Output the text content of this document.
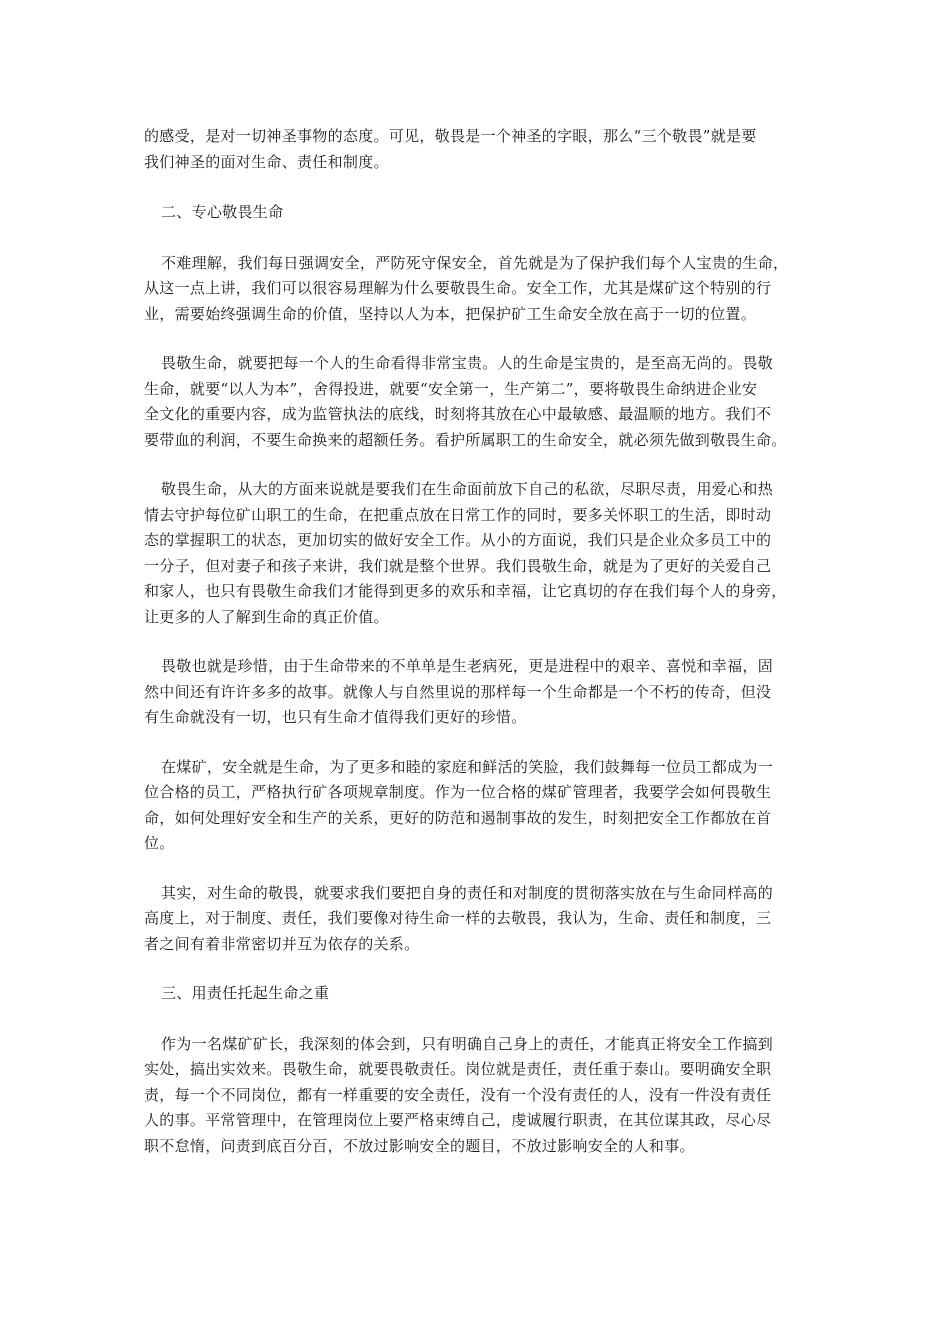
的感受，是对一切神圣事物的态度。可见，敬畏是一个神圣的字眼，那么“三个敬畏”就是要
我们神圣的面对生命、责任和制度。

二、专心敬畏生命

不难理解，我们每日强调安全，严防死守保安全，首先就是为了保护我们每个人宝贵的生命，
从这一点上讲，我们可以很容易理解为什么要敬畏生命。安全工作，尤其是煤矿这个特别的行
业，需要始终强调生命的价值，坚持以人为本，把保护矿工生命安全放在高于一切的位置。

畏敬生命，就要把每一个人的生命看得非常宝贵。人的生命是宝贵的，是至高无尚的。畏敬
生命，就要“以人为本”，舍得投进，就要“安全第一，生产第二”，要将敬畏生命纳进企业安
全文化的重要内容，成为监管执法的底线，时刻将其放在心中最敏感、最温顺的地方。我们不
要带血的利润，不要生命换来的超额任务。看护所属职工的生命安全，就必须先做到敬畏生命。

敬畏生命，从大的方面来说就是要我们在生命面前放下自己的私欲，尽职尽责，用爱心和热
情去守护每位矿山职工的生命，在把重点放在日常工作的同时，要多关怀职工的生活，即时动
态的掌握职工的状态，更加切实的做好安全工作。从小的方面说，我们只是企业众多员工中的
一分子，但对妻子和孩子来讲，我们就是整个世界。我们畏敬生命，就是为了更好的关爱自己
和家人，也只有畏敬生命我们才能得到更多的欢乐和幸福，让它真切的存在我们每个人的身旁，
让更多的人了解到生命的真正价值。

畏敬也就是珍惜，由于生命带来的不单单是生老病死，更是进程中的艰辛、喜悦和幸福，固
然中间还有许许多多的故事。就像人与自然里说的那样每一个生命都是一个不朽的传奇，但没
有生命就没有一切，也只有生命才值得我们更好的珍惜。

在煤矿，安全就是生命，为了更多和睦的家庭和鲜活的笑脸，我们鼓舞每一位员工都成为一
位合格的员工，严格执行矿各项规章制度。作为一位合格的煤矿管理者，我要学会如何畏敬生
命，如何处理好安全和生产的关系，更好的防范和遏制事故的发生，时刻把安全工作都放在首
位。

其实，对生命的敬畏，就要求我们要把自身的责任和对制度的贯彻落实放在与生命同样高的
高度上，对于制度、责任，我们要像对待生命一样的去敬畏，我认为，生命、责任和制度，三
者之间有着非常密切并互为依存的关系。

三、用责任托起生命之重

作为一名煤矿矿长，我深刻的体会到，只有明确自己身上的责任，才能真正将安全工作搞到
实处，搞出实效来。畏敬生命，就要畏敬责任。岗位就是责任，责任重于泰山。要明确安全职
责，每一个不同岗位，都有一样重要的安全责任，没有一个没有责任的人，没有一件没有责任
人的事。平常管理中，在管理岗位上要严格束缚自己，虔诚履行职责，在其位谋其政，尽心尽
职不怠惰，问责到底百分百，不放过影响安全的题目，不放过影响安全的人和事。
